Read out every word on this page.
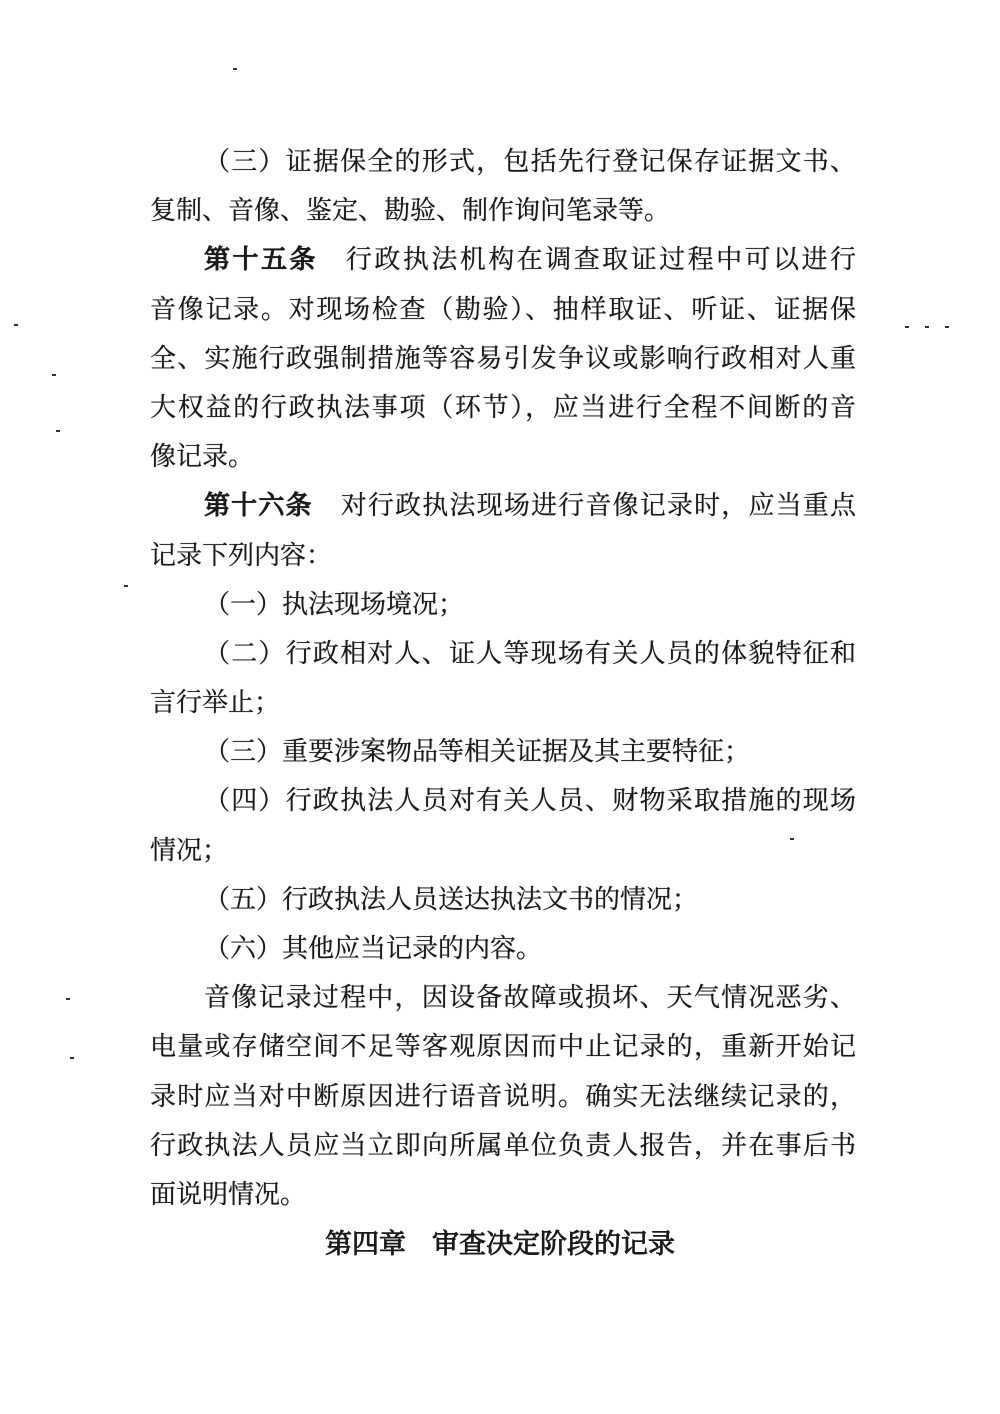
（三）证据保全的形式，包括先行登记保存证据文书、
复制、音像、鉴定、勘验、制作询问笔录等。
第十五条 行政执法机构在调查取证过程中可以进行
音像记录。对现场检查（勘验）、抽样取证、听证、证据保
全、实施行政强制措施等容易引发争议或影响行政相对人重
大权益的行政执法事项（环节），应当进行全程不间断的音
像记录。
第十六条 对行政执法现场进行音像记录时，应当重点
记录下列内容：
（一）执法现场境况；
（二）行政相对人、证人等现场有关人员的体貌特征和
言行举止；
（三）重要涉案物品等相关证据及其主要特征；
（四）行政执法人员对有关人员、财物采取措施的现场
情况；
（五）行政执法人员送达执法文书的情况；
（六）其他应当记录的内容。
音像记录过程中，因设备故障或损坏、天气情况恶劣、
电量或存储空间不足等客观原因而中止记录的，重新开始记
录时应当对中断原因进行语音说明。确实无法继续记录的，
行政执法人员应当立即向所属单位负责人报告，并在事后书
面说明情况。
第四章 审查决定阶段的记录
